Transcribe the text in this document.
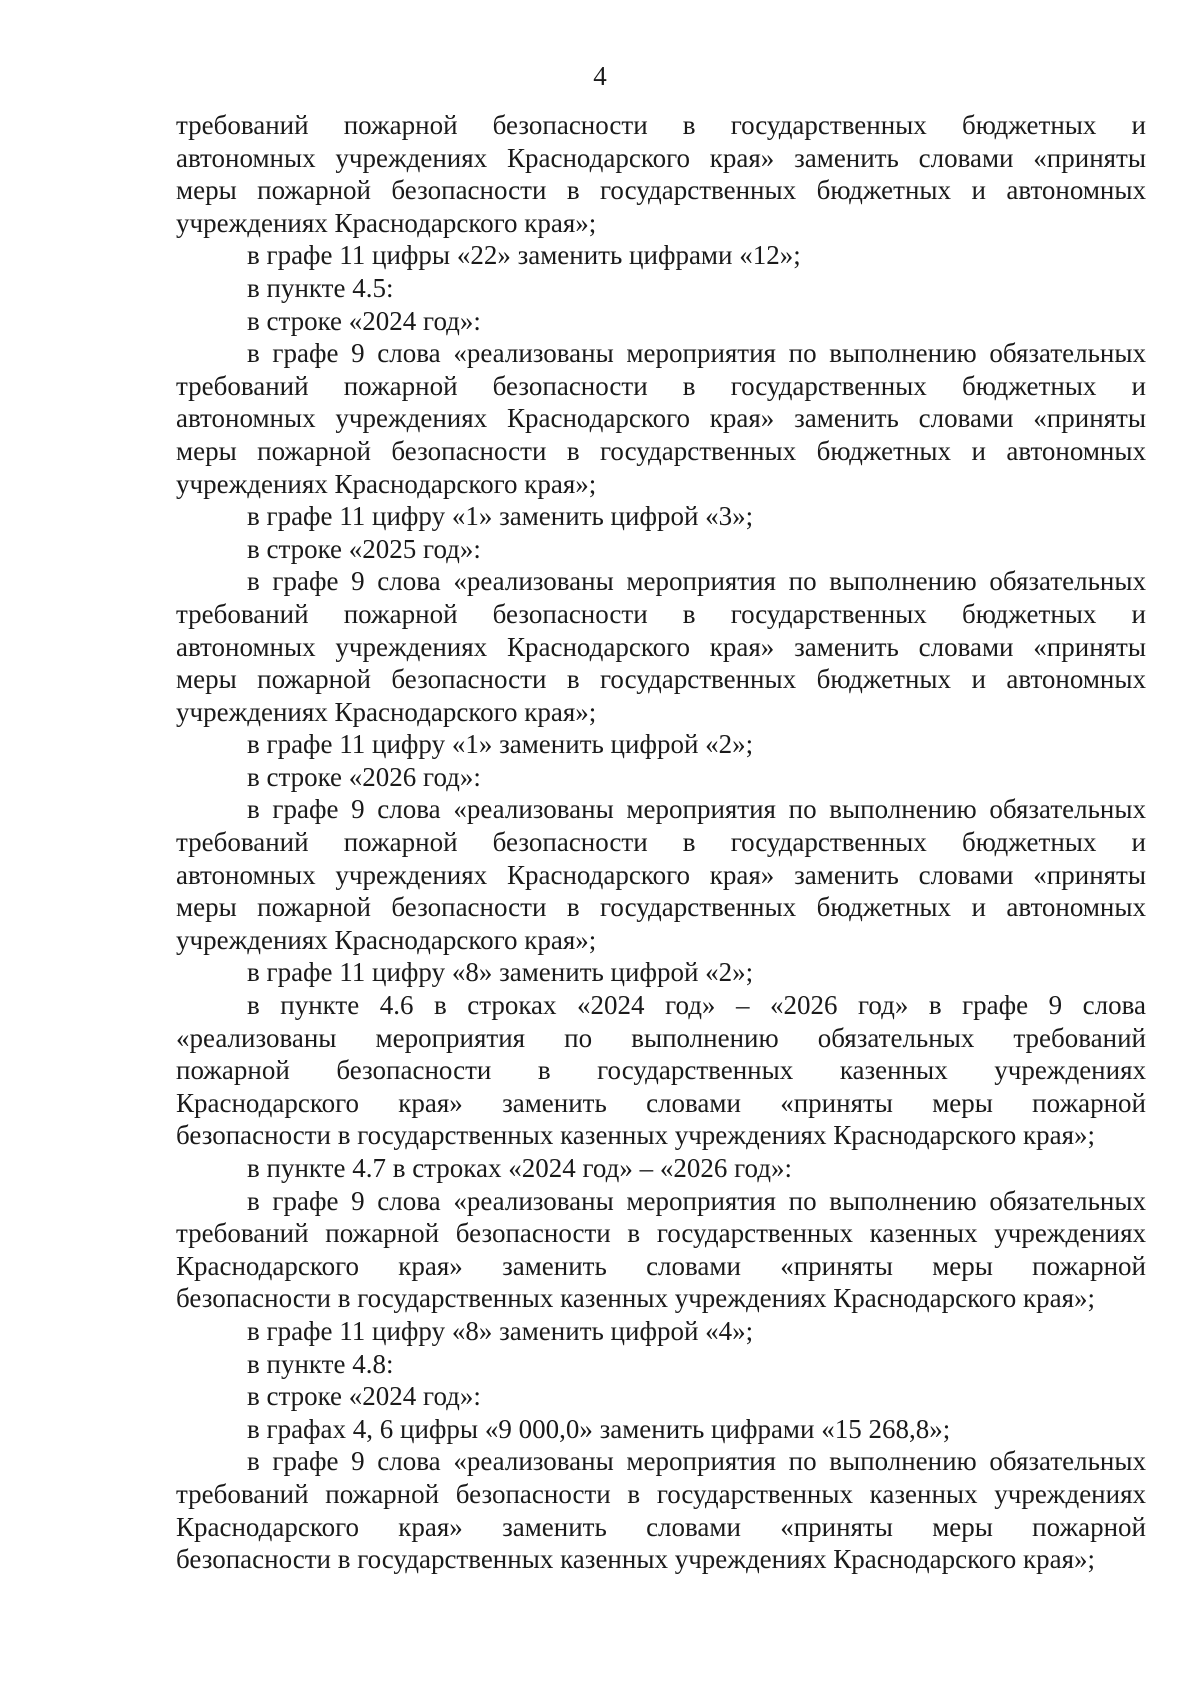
4
требований пожарной безопасности в государственных бюджетных и
автономных учреждениях Краснодарского края» заменить словами «приняты
меры пожарной безопасности в государственных бюджетных и автономных
учреждениях Краснодарского края»;
в графе 11 цифры «22» заменить цифрами «12»;
в пункте 4.5:
в строке «2024 год»:
в графе 9 слова «реализованы мероприятия по выполнению обязательных
требований пожарной безопасности в государственных бюджетных и
автономных учреждениях Краснодарского края» заменить словами «приняты
меры пожарной безопасности в государственных бюджетных и автономных
учреждениях Краснодарского края»;
в графе 11 цифру «1» заменить цифрой «3»;
в строке «2025 год»:
в графе 9 слова «реализованы мероприятия по выполнению обязательных
требований пожарной безопасности в государственных бюджетных и
автономных учреждениях Краснодарского края» заменить словами «приняты
меры пожарной безопасности в государственных бюджетных и автономных
учреждениях Краснодарского края»;
в графе 11 цифру «1» заменить цифрой «2»;
в строке «2026 год»:
в графе 9 слова «реализованы мероприятия по выполнению обязательных
требований пожарной безопасности в государственных бюджетных и
автономных учреждениях Краснодарского края» заменить словами «приняты
меры пожарной безопасности в государственных бюджетных и автономных
учреждениях Краснодарского края»;
в графе 11 цифру «8» заменить цифрой «2»;
в пункте 4.6 в строках «2024 год» – «2026 год» в графе 9 слова
«реализованы мероприятия по выполнению обязательных требований
пожарной безопасности в государственных казенных учреждениях
Краснодарского края» заменить словами «приняты меры пожарной
безопасности в государственных казенных учреждениях Краснодарского края»;
в пункте 4.7 в строках «2024 год» – «2026 год»:
в графе 9 слова «реализованы мероприятия по выполнению обязательных
требований пожарной безопасности в государственных казенных учреждениях
Краснодарского края» заменить словами «приняты меры пожарной
безопасности в государственных казенных учреждениях Краснодарского края»;
в графе 11 цифру «8» заменить цифрой «4»;
в пункте 4.8:
в строке «2024 год»:
в графах 4, 6 цифры «9 000,0» заменить цифрами «15 268,8»;
в графе 9 слова «реализованы мероприятия по выполнению обязательных
требований пожарной безопасности в государственных казенных учреждениях
Краснодарского края» заменить словами «приняты меры пожарной
безопасности в государственных казенных учреждениях Краснодарского края»;
